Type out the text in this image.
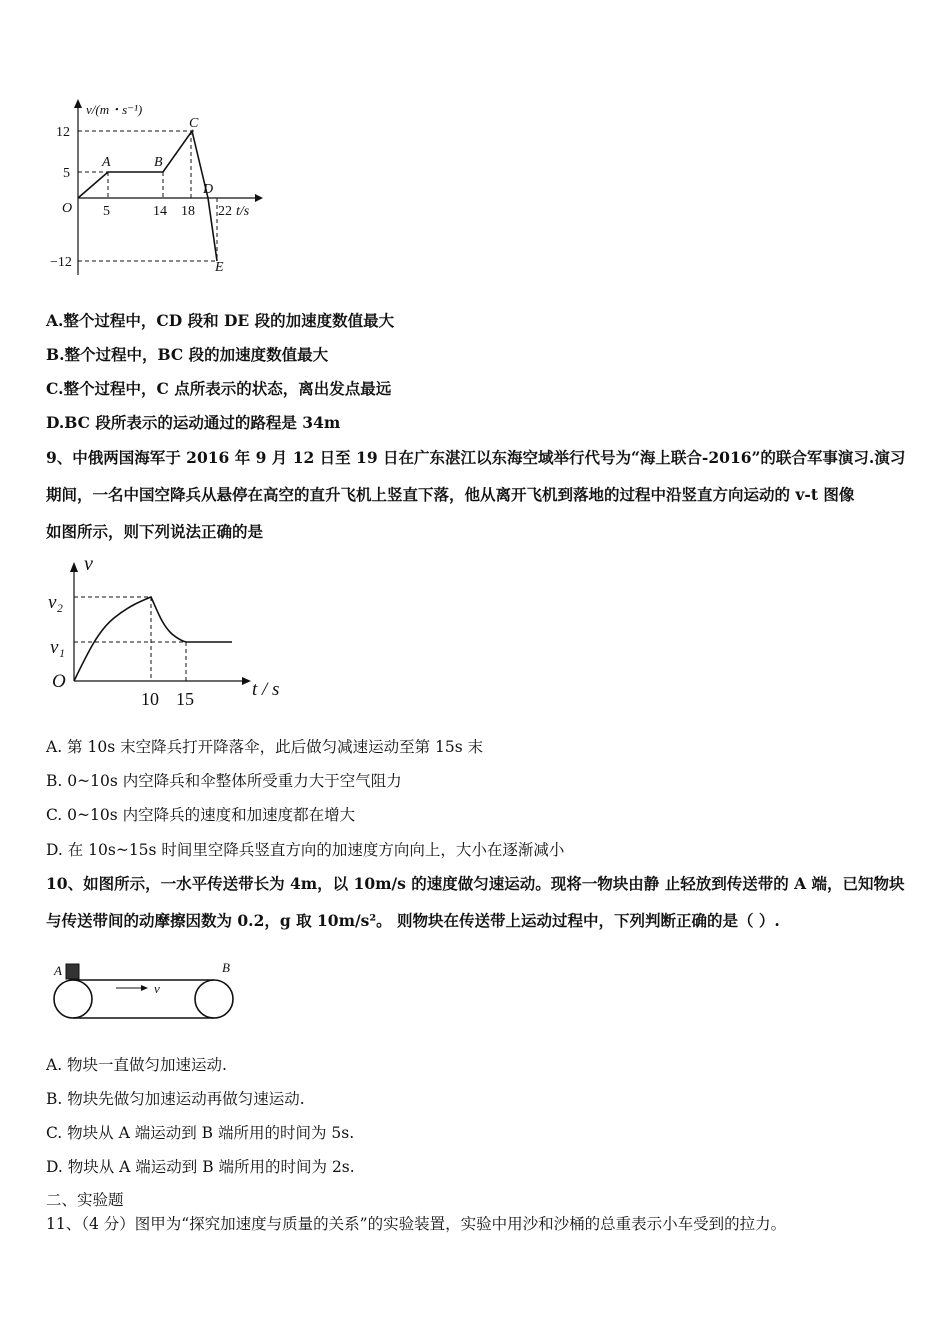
v/(m・s⁻¹)
12
5
−12
O 5	14 18 22 t/s
A	B
C
D
E
A.整个过程中，CD 段和 DE 段的加速度数值最大
B.整个过程中，BC 段的加速度数值最大
C.整个过程中，C 点所表示的状态，离出发点最远
D.BC 段所表示的运动通过的路程是 34m
9、中俄两国海军于 2016 年 9 月 12 日至 19 日在广东湛江以东海空域举行代号为“海上联合-2016”的联合军事演习.演习
期间，一名中国空降兵从悬停在高空的直升飞机上竖直下落，他从离开飞机到落地的过程中沿竖直方向运动的 v-t 图像
如图所示，则下列说法正确的是
v
v₂
v₁
O
10 15	t / s
A. 第 10s 末空降兵打开降落伞，此后做匀减速运动至第 15s 末
B. 0~10s 内空降兵和伞整体所受重力大于空气阻力
C. 0~10s 内空降兵的速度和加速度都在增大
D. 在 10s~15s 时间里空降兵竖直方向的加速度方向向上，大小在逐渐减小
10、如图所示，一水平传送带长为 4m，以 10m/s 的速度做匀速运动。现将一物块由静 止轻放到传送带的 A 端，已知物块
与传送带间的动摩擦因数为 0.2，g 取 10m/s²。 则物块在传送带上运动过程中，下列判断正确的是（ ）.
A	B
v
A. 物块一直做匀加速运动.
B. 物块先做匀加速运动再做匀速运动.
C. 物块从 A 端运动到 B 端所用的时间为 5s.
D. 物块从 A 端运动到 B 端所用的时间为 2s.
二、实验题
11、（4 分）图甲为“探究加速度与质量的关系”的实验装置，实验中用沙和沙桶的总重表示小车受到的拉力。
